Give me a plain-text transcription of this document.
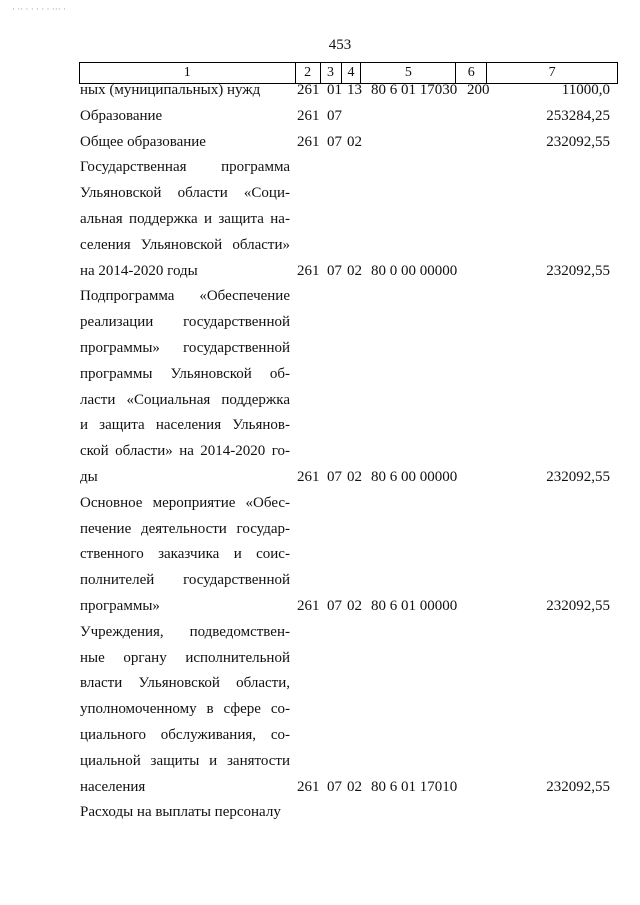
· ·· · · · · · ··· ·
453
1	2	3 4	5	6	7
ных (муниципальных) нужд	261 01 13 80 6 01 17030 200	11000,0
Образование	261 07	253284,25
Общее образование	261 07 02	232092,55
Государственная программа
Ульяновской области «Соци-
альная поддержка и защита на-
селения Ульяновской области»
на 2014-2020 годы	261 07 02 80 0 00 00000	232092,55
Подпрограмма «Обеспечение
реализации государственной
программы» государственной
программы Ульяновской об-
ласти «Социальная поддержка
и защита населения Ульянов-
ской области» на 2014-2020 го-
ды	261 07 02 80 6 00 00000	232092,55
Основное мероприятие «Обес-
печение деятельности государ-
ственного заказчика и соис-
полнителей государственной
программы»	261 07 02 80 6 01 00000	232092,55
Учреждения, подведомствен-
ные органу исполнительной
власти Ульяновской области,
уполномоченному в сфере со-
циального обслуживания, со-
циальной защиты и занятости
населения	261 07 02 80 6 01 17010	232092,55
Расходы на выплаты персоналу
